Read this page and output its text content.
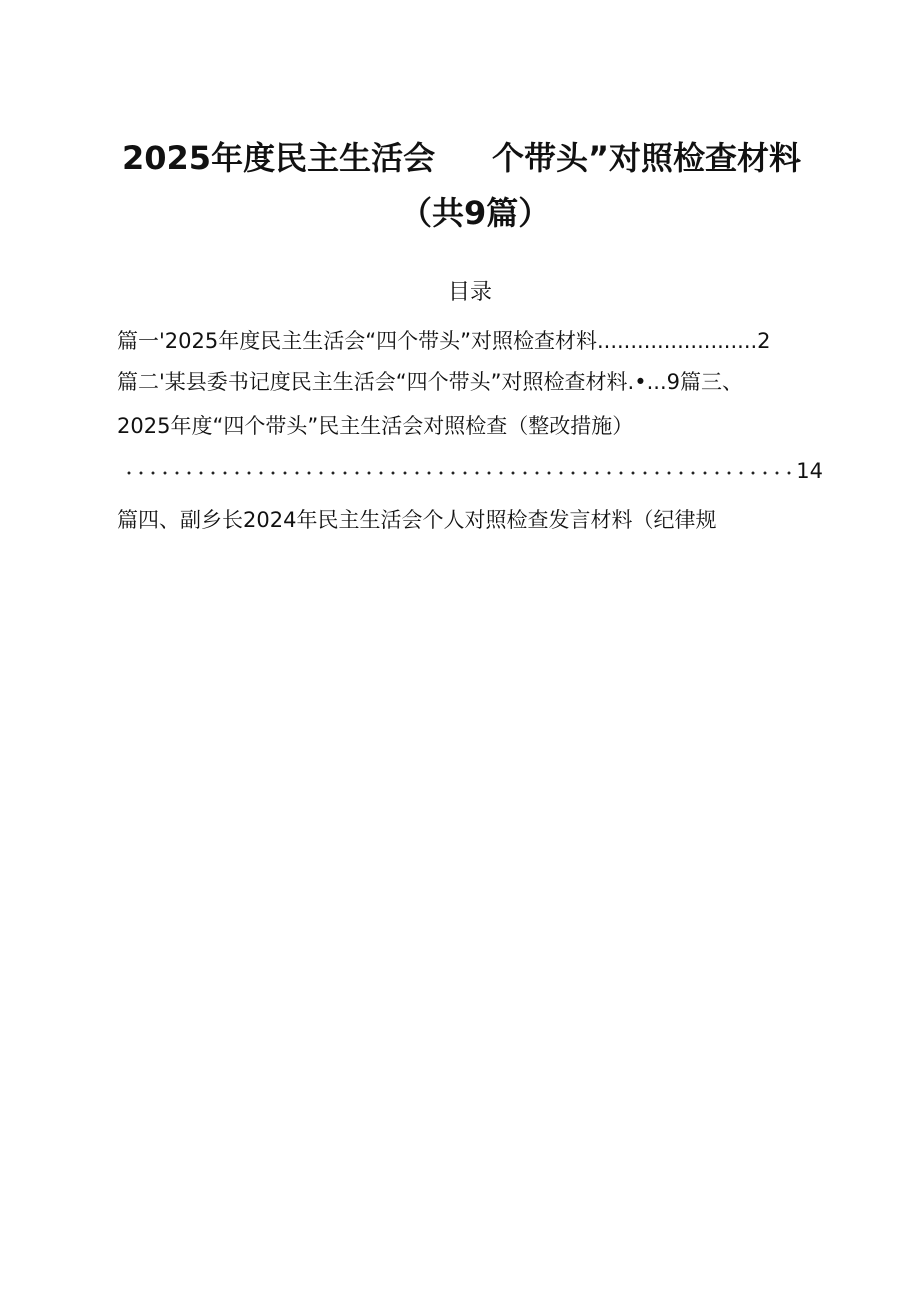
2025年度民主生活会 个带头”对照检查材料
（共9篇）
目录
篇一'2025年度民主生活会“四个带头”对照检查材料........................2
篇二'某县委书记度民主生活会“四个带头”对照检查材料.•...9篇三、
2025年度“四个带头”民主生活会对照检查（整改措施）
14
篇四、副乡长2024年民主生活会个人对照检查发言材料（纪律规
